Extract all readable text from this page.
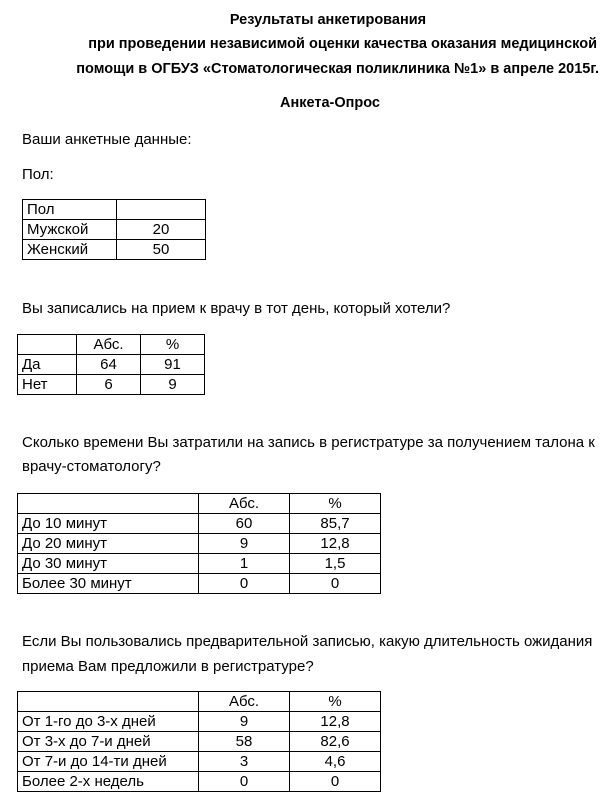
Результаты анкетирования
при проведении независимой оценки качества оказания медицинской
помощи в ОГБУЗ «Стоматологическая поликлиника №1» в апреле 2015г.
Анкета-Опрос
Ваши анкетные данные:
Пол:
Пол	
Мужской	20
Женский	50
Вы записались на прием к врачу в тот день, который хотели?
	Абс.	%
Да	64	91
Нет	6	9
Сколько времени Вы затратили на запись в регистратуре за получением талона к
врачу-стоматологу?
	Абс.	%
До 10 минут	60	85,7
До 20 минут	9	12,8
До 30 минут	1	1,5
Более 30 минут	0	0
Если Вы пользовались предварительной записью, какую длительность ожидания
приема Вам предложили в регистратуре?
	Абс.	%
От 1-го до 3-х дней	9	12,8
От 3-х до 7-и дней	58	82,6
От 7-и до 14-ти дней	3	4,6
Более 2-х недель	0	0
